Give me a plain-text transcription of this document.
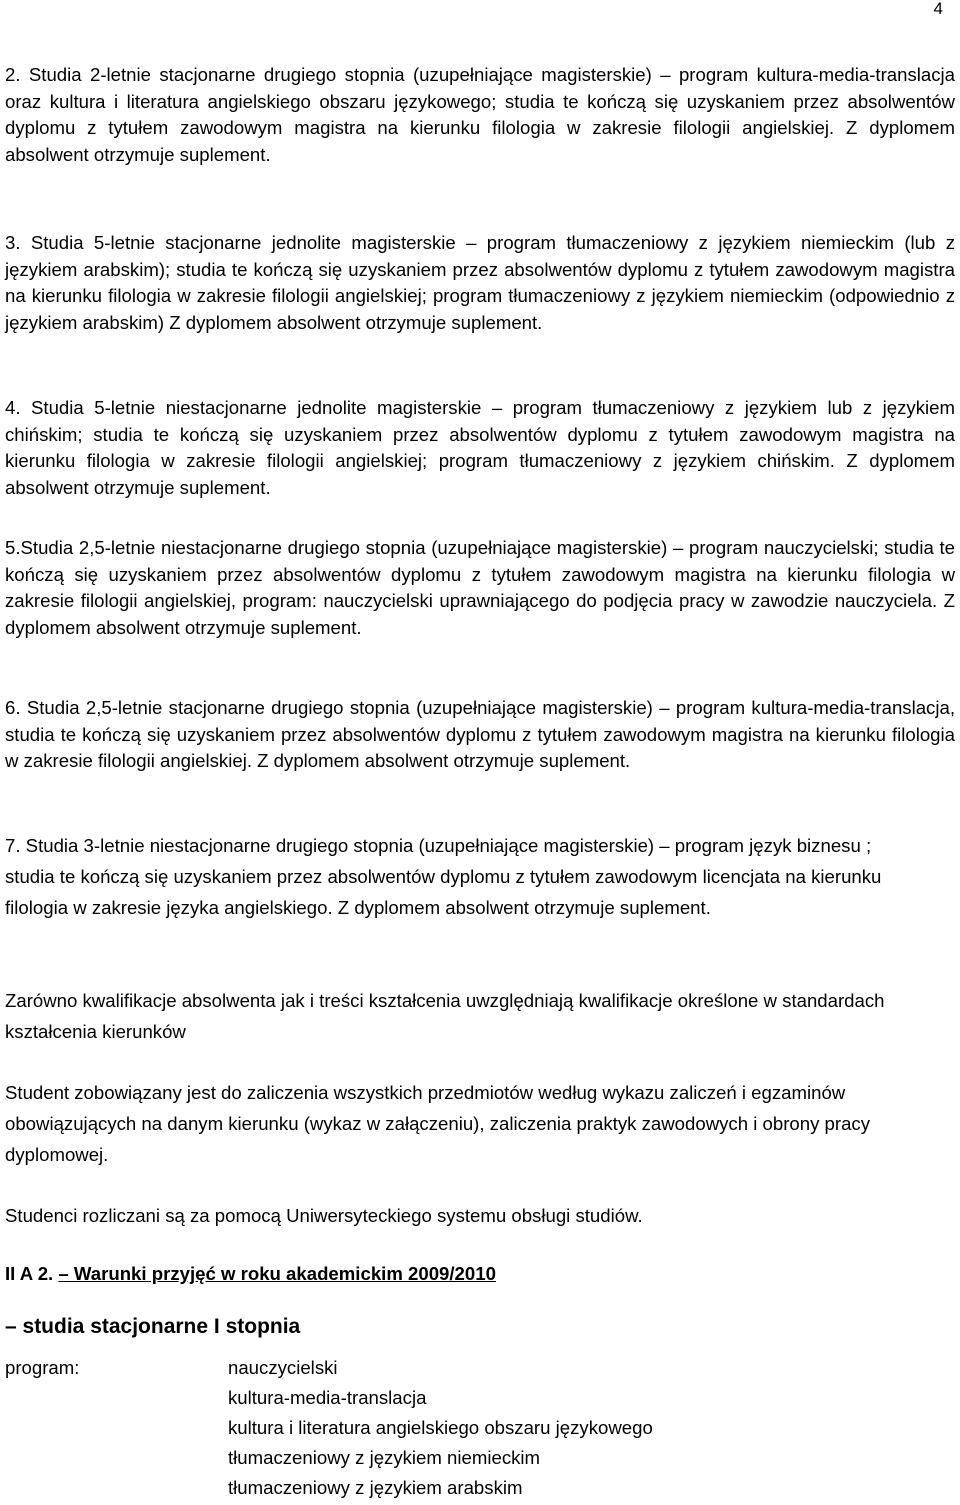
4

2. Studia 2-letnie stacjonarne drugiego stopnia (uzupełniające magisterskie) – program kultura-media-translacja oraz kultura i literatura angielskiego obszaru językowego; studia te kończą się uzyskaniem przez absolwentów dyplomu z tytułem zawodowym magistra na kierunku filologia w zakresie filologii angielskiej. Z dyplomem absolwent otrzymuje suplement.

3. Studia 5-letnie stacjonarne jednolite magisterskie – program tłumaczeniowy z językiem niemieckim (lub z językiem arabskim); studia te kończą się uzyskaniem przez absolwentów dyplomu z tytułem zawodowym magistra na kierunku filologia w zakresie filologii angielskiej; program tłumaczeniowy z językiem niemieckim (odpowiednio z językiem arabskim) Z dyplomem absolwent otrzymuje suplement.

4. Studia 5-letnie niestacjonarne jednolite magisterskie – program tłumaczeniowy z językiem lub z językiem chińskim; studia te kończą się uzyskaniem przez absolwentów dyplomu z tytułem zawodowym magistra na kierunku filologia w zakresie filologii angielskiej; program tłumaczeniowy z językiem chińskim. Z dyplomem absolwent otrzymuje suplement.

5.Studia 2,5-letnie niestacjonarne drugiego stopnia (uzupełniające magisterskie) – program nauczycielski; studia te kończą się uzyskaniem przez absolwentów dyplomu z tytułem zawodowym magistra na kierunku filologia w zakresie filologii angielskiej, program: nauczycielski uprawniającego do podjęcia pracy w zawodzie nauczyciela. Z dyplomem absolwent otrzymuje suplement.

6. Studia 2,5-letnie stacjonarne drugiego stopnia (uzupełniające magisterskie) – program kultura-media-translacja, studia te kończą się uzyskaniem przez absolwentów dyplomu z tytułem zawodowym magistra na kierunku filologia w zakresie filologii angielskiej. Z dyplomem absolwent otrzymuje suplement.

7. Studia 3-letnie niestacjonarne drugiego stopnia (uzupełniające magisterskie) – program język biznesu ; studia te kończą się uzyskaniem przez absolwentów dyplomu z tytułem zawodowym licencjata na kierunku filologia w zakresie języka angielskiego. Z dyplomem absolwent otrzymuje suplement.

Zarówno kwalifikacje absolwenta jak i treści kształcenia uwzględniają kwalifikacje określone w standardach kształcenia kierunków

Student zobowiązany jest do zaliczenia wszystkich przedmiotów według wykazu zaliczeń i egzaminów obowiązujących na danym kierunku (wykaz w załączeniu), zaliczenia praktyk zawodowych i obrony pracy dyplomowej.

Studenci rozliczani są za pomocą Uniwersyteckiego systemu obsługi studiów.

II A 2. – Warunki przyjęć w roku akademickim 2009/2010
– studia stacjonarne I stopnia
program:	nauczycielski
kultura-media-translacja
kultura i literatura angielskiego obszaru językowego
tłumaczeniowy z językiem niemieckim
tłumaczeniowy z językiem arabskim
